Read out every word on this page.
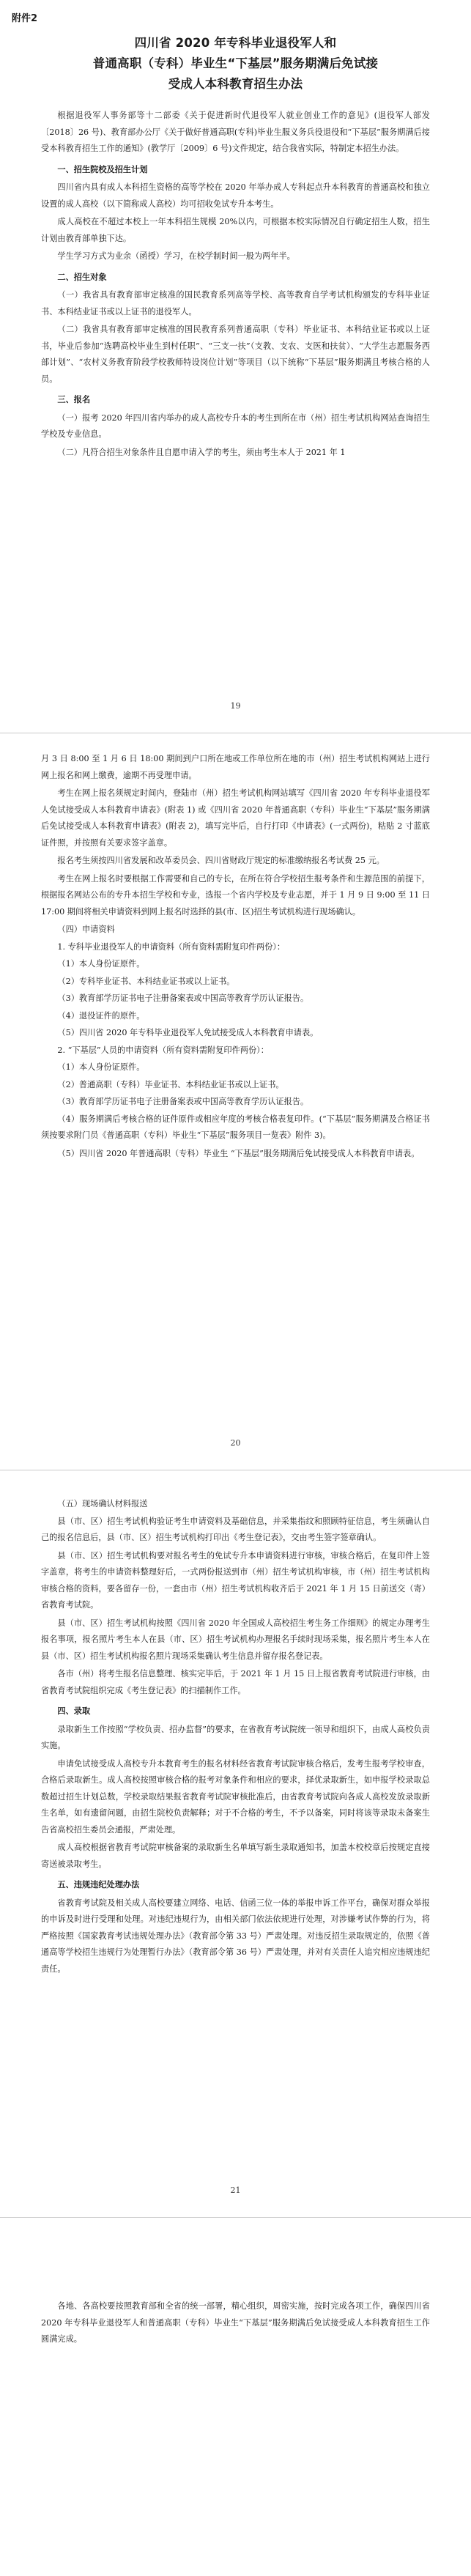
附件2
四川省 2020 年专科毕业退役军人和
普通高职（专科）毕业生“下基层”服务期满后免试接
受成人本科教育招生办法

根据退役军人事务部等十二部委《关于促进新时代退役军人就业创业工作的意见》(退役军人部发〔2018〕26 号)、教育部办公厅《关于做好普通高职(专科)毕业生服义务兵役退役和“下基层”服务期满后接受本科教育招生工作的通知》(教学厅〔2009〕6 号)文件规定，结合我省实际，特制定本招生办法。

一、招生院校及招生计划

四川省内具有成人本科招生资格的高等学校在 2020 年举办成人专科起点升本科教育的普通高校和独立设置的成人高校（以下简称成人高校）均可招收免试专升本考生。

成人高校在不超过本校上一年本科招生规模 20%以内，可根据本校实际情况自行确定招生人数，招生计划由教育部单独下达。

学生学习方式为业余（函授）学习，在校学制时间一般为两年半。

二、招生对象

（一）我省具有教育部审定核准的国民教育系列高等学校、高等教育自学考试机构颁发的专科毕业证书、本科结业证书或以上证书的退役军人。

（二）我省具有教育部审定核准的国民教育系列普通高职（专科）毕业证书、本科结业证书或以上证书，毕业后参加“选聘高校毕业生到村任职”、“三支一扶”（支教、支农、支医和扶贫）、“大学生志愿服务西部计划”、“农村义务教育阶段学校教师特设岗位计划”等项目（以下统称“下基层”服务期满且考核合格的人员。

三、报名

（一）报考 2020 年四川省内举办的成人高校专升本的考生到所在市（州）招生考试机构网站查询招生学校及专业信息。

（二）凡符合招生对象条件且自愿申请入学的考生，须由考生本人于 2021 年 1

19

月 3 日 8:00 至 1 月 6 日 18:00 期间到户口所在地或工作单位所在地的市（州）招生考试机构网站上进行网上报名和网上缴费，逾期不再受理申请。

考生在网上报名须规定时间内，登陆市（州）招生考试机构网站填写《四川省 2020 年专科毕业退役军人免试接受成人本科教育申请表》(附表 1) 或《四川省 2020 年普通高职（专科）毕业生“下基层”服务期满后免试接受成人本科教育申请表》(附表 2)，填写完毕后，自行打印《申请表》(一式两份)，粘贴 2 寸蓝底证件照，并按照有关要求签字盖章。

报名考生须按四川省发展和改革委员会、四川省财政厅规定的标准缴纳报名考试费 25 元。

考生在网上报名时要根据工作需要和自己的专长，在所在符合学校招生报考条件和生源范围的前提下，根据报名网站公布的专升本招生学校和专业，选报一个省内学校及专业志愿，并于 1 月 9 日 9:00 至 11 日 17:00 期间将相关申请资料到网上报名时选择的县(市、区)招生考试机构进行现场确认。

（四）申请资料

1. 专科毕业退役军人的申请资料（所有资料需附复印件两份）：

（1）本人身份证原件。

（2）专科毕业证书、本科结业证书或以上证书。

（3）教育部学历证书电子注册备案表或中国高等教育学历认证报告。

（4）退役证件的原件。

（5）四川省 2020 年专科毕业退役军人免试接受成人本科教育申请表。

2. “下基层”人员的申请资料（所有资料需附复印件两份）：

（1）本人身份证原件。

（2）普通高职（专科）毕业证书、本科结业证书或以上证书。

（3）教育部学历证书电子注册备案表或中国高等教育学历认证报告。

（4）服务期满后考核合格的证件原件或相应年度的考核合格表复印件。(“下基层”服务期满及合格证书须按要求附门员《普通高职（专科）毕业生“下基层”服务项目一览表》附件 3)。

（5）四川省 2020 年普通高职（专科）毕业生 “下基层”服务期满后免试接受成人本科教育申请表。

20

（五）现场确认材料报送

县（市、区）招生考试机构验证考生申请资料及基础信息，并采集指纹和照顾特征信息，考生须确认自己的报名信息后，县（市、区）招生考试机构打印出《考生登记表》，交由考生签字签章确认。

县（市、区）招生考试机构要对报名考生的免试专升本申请资料进行审核，审核合格后，在复印件上签字盖章，将考生的申请资料整理好后，一式两份报送到市（州）招生考试机构审核，市（州）招生考试机构审核合格的资料，要各留存一份，一套由市（州）招生考试机构收齐后于 2021 年 1 月 15 日前送交（寄）省教育考试院。

县（市、区）招生考试机构按照《四川省 2020 年全国成人高校招生考生务工作细则》的规定办理考生报名事项，报名照片考生本人在县（市、区）招生考试机构办理报名手续时现场采集，报名照片考生本人在县（市、区）招生考试机构报名照片现场采集确认考生信息并留存报名登记表。

各市（州）将考生报名信息整理、核实完毕后，于 2021 年 1 月 15 日上报省教育考试院进行审核，由省教育考试院组织完成《考生登记表》的扫描制作工作。

四、录取

录取新生工作按照“学校负责、招办监督”的要求，在省教育考试院统一领导和组织下，由成人高校负责实施。

申请免试接受成人高校专升本教育考生的报名材料经省教育考试院审核合格后，发考生报考学校审查，合格后录取新生。成人高校按照审核合格的报考对象条件和相应的要求，择优录取新生，如申报学校录取总数超过招生计划总数，学校录取结果报省教育考试院审核批准后，由省教育考试院向各成人高校发放录取新生名单，如有遗留问题，由招生院校负责解释；对于不合格的考生，不予以备案，同时将该等录取未备案生告省高校招生委员会通报，严肃处理。

成人高校根据省教育考试院审核备案的录取新生名单填写新生录取通知书，加盖本校校章后按规定直接寄送被录取考生。

五、违规违纪处理办法

省教育考试院及相关成人高校要建立网络、电话、信函三位一体的举报申诉工作平台，确保对群众举报的申诉及时进行受理和处理。对违纪违规行为，由相关部门依法依规进行处理，对涉嫌考试作弊的行为，将严格按照《国家教育考试违规处理办法》（教育部令第 33 号）严肃处理。对违反招生录取规定的，依照《普通高等学校招生违规行为处理暂行办法》（教育部令第 36 号）严肃处理，并对有关责任人追究相应违规违纪责任。

21

各地、各高校要按照教育部和全省的统一部署，精心组织，周密实施，按时完成各项工作，确保四川省 2020 年专科毕业退役军人和普通高职（专科）毕业生“下基层”服务期满后免试接受成人本科教育招生工作圆满完成。
